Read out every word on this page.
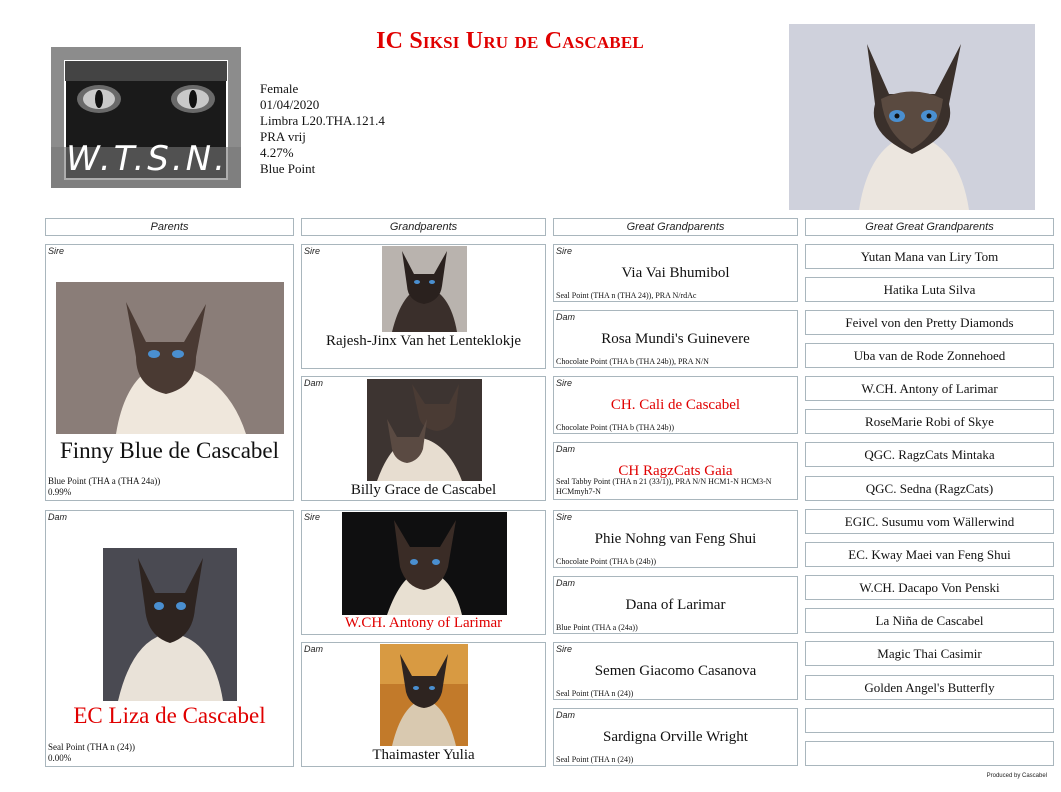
W.T.S.N.
IC Siksi Uru de Cascabel
Female
01/04/2020
Limbra L20.THA.121.4
PRA vrij
4.27%
Blue Point
Parents	Grandparents	Great Grandparents	Great Great Grandparents
Sire
Finny Blue de Cascabel
Blue Point (THA a (THA 24a))
0.99%
Dam
EC Liza de Cascabel
Seal Point (THA n (24))
0.00%
Sire
Rajesh-Jinx Van het Lenteklokje
Dam
Billy Grace de Cascabel
Sire
W.CH. Antony of Larimar
Dam
Thaimaster Yulia
Sire
Via Vai Bhumibol
Seal Point (THA n (THA 24)), PRA N/rdAc
Dam
Rosa Mundi's Guinevere
Chocolate Point (THA b (THA 24b)), PRA N/N
Sire
CH. Cali de Cascabel
Chocolate Point (THA b (THA 24b))
Dam
CH RagzCats Gaia
Seal Tabby Point (THA n 21 (33/1)), PRA N/N HCM1-N HCM3-N HCMmyh7-N
Sire
Phie Nohng van Feng Shui
Chocolate Point (THA b (24b))
Dam
Dana of Larimar
Blue Point (THA a (24a))
Sire
Semen Giacomo Casanova
Seal Point (THA n (24))
Dam
Sardigna Orville Wright
Seal Point (THA n (24))
Yutan Mana van Liry Tom
Hatika Luta Silva
Feivel von den Pretty Diamonds
Uba van de Rode Zonnehoed
W.CH. Antony of Larimar
RoseMarie Robi of Skye
QGC. RagzCats Mintaka
QGC. Sedna (RagzCats)
EGIC. Susumu vom Wällerwind
EC. Kway Maei van Feng Shui
W.CH. Dacapo Von Penski
La Niña de Cascabel
Magic Thai Casimir
Golden Angel's Butterfly
Produced by Cascabel
